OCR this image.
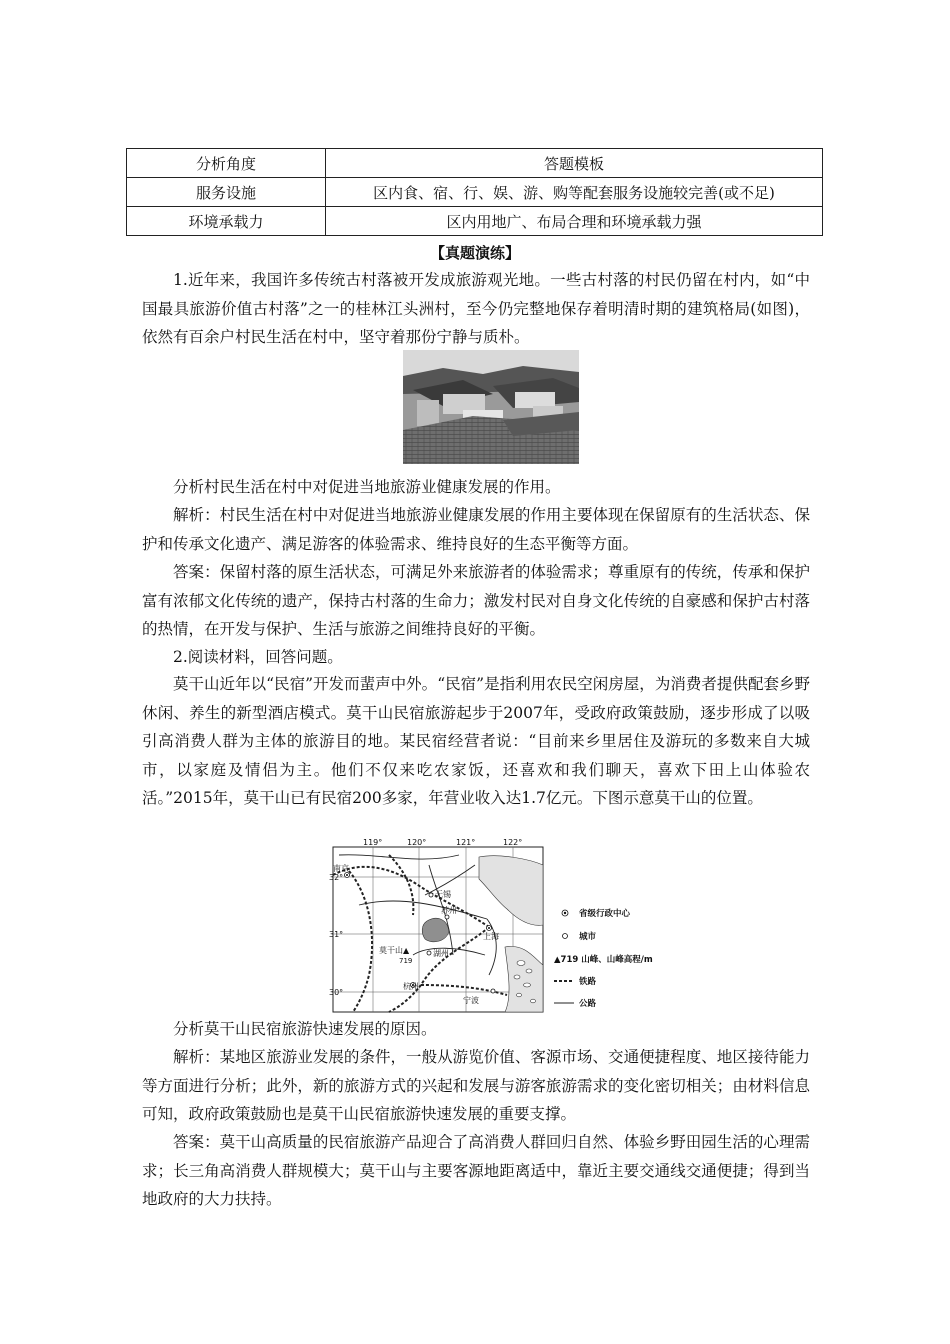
分析角度	答题模板
服务设施	区内食、宿、行、娱、游、购等配套服务设施较完善(或不足)
环境承载力	区内用地广、布局合理和环境承载力强
【真题演练】

1.近年来，我国许多传统古村落被开发成旅游观光地。一些古村落的村民仍留在村内，如“中国最具旅游价值古村落”之一的桂林江头洲村，至今仍完整地保存着明清时期的建筑格局(如图)，依然有百余户村民生活在村中，坚守着那份宁静与质朴。

分析村民生活在村中对促进当地旅游业健康发展的作用。

解析：村民生活在村中对促进当地旅游业健康发展的作用主要体现在保留原有的生活状态、保护和传承文化遗产、满足游客的体验需求、维持良好的生态平衡等方面。

答案：保留村落的原生活状态，可满足外来旅游者的体验需求；尊重原有的传统，传承和保护富有浓郁文化传统的遗产，保持古村落的生命力；激发村民对自身文化传统的自豪感和保护古村落的热情，在开发与保护、生活与旅游之间维持良好的平衡。

2.阅读材料，回答问题。

莫干山近年以“民宿”开发而蜚声中外。“民宿”是指利用农民空闲房屋，为消费者提供配套乡野休闲、养生的新型酒店模式。莫干山民宿旅游起步于2007年，受政府政策鼓励，逐步形成了以吸引高消费人群为主体的旅游目的地。某民宿经营者说：“目前来乡里居住及游玩的多数来自大城市，以家庭及情侣为主。他们不仅来吃农家饭，还喜欢和我们聊天，喜欢下田上山体验农活。”2015年，莫干山已有民宿200多家，年营业收入达1.7亿元。下图示意莫干山的位置。

119°	120°	121°	122°
32°
31°
30°
南京
无锡
苏州
上海
湖州
莫干山▲
719
杭州
宁波
省级行政中心
城市
▲719 山峰、山峰高程/m
铁路
公路

分析莫干山民宿旅游快速发展的原因。

解析：某地区旅游业发展的条件，一般从游览价值、客源市场、交通便捷程度、地区接待能力等方面进行分析；此外，新的旅游方式的兴起和发展与游客旅游需求的变化密切相关；由材料信息可知，政府政策鼓励也是莫干山民宿旅游快速发展的重要支撑。

答案：莫干山高质量的民宿旅游产品迎合了高消费人群回归自然、体验乡野田园生活的心理需求；长三角高消费人群规模大；莫干山与主要客源地距离适中，靠近主要交通线交通便捷；得到当地政府的大力扶持。
